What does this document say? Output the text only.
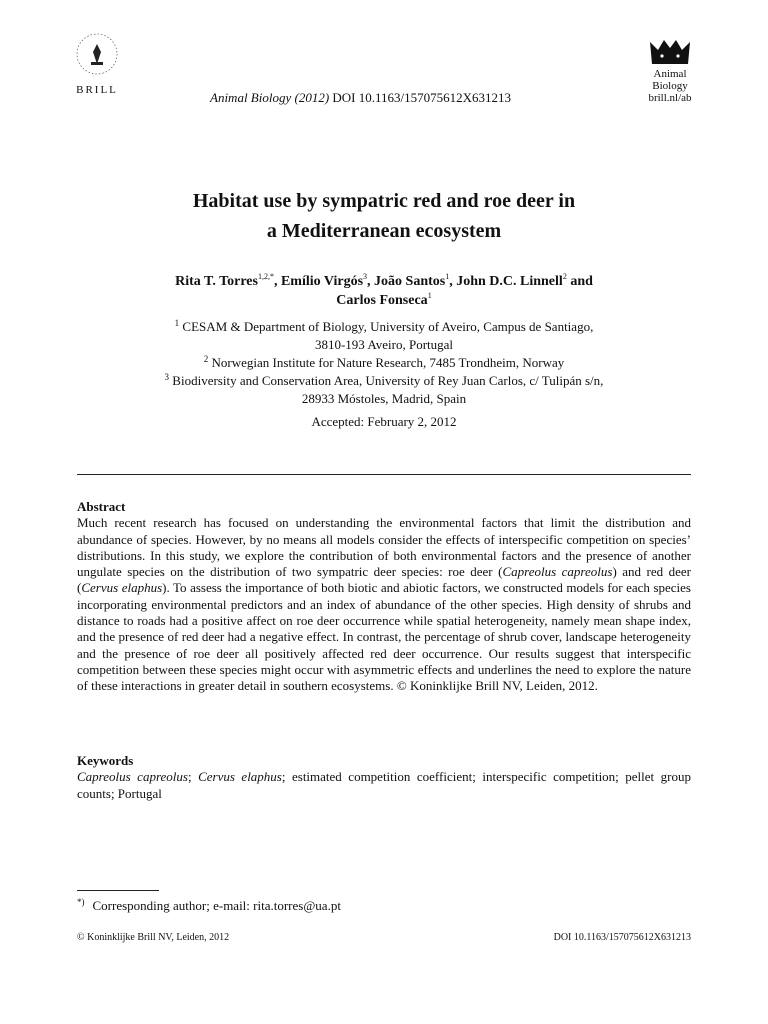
BRILL	Animal Biology (2012) DOI 10.1163/157075612X631213
Animal
Biology
brill.nl/ab
Habitat use by sympatric red and roe deer in
a Mediterranean ecosystem
Rita T. Torres$^{1,2,*}$, Emílio Virgós$^3$, João Santos$^1$, John D.C. Linnell$^2$ and
Carlos Fonseca$^1$
$^1$ CESAM & Department of Biology, University of Aveiro, Campus de Santiago,
3810-193 Aveiro, Portugal
$^2$ Norwegian Institute for Nature Research, 7485 Trondheim, Norway
$^3$ Biodiversity and Conservation Area, University of Rey Juan Carlos, c/ Tulipán s/n,
28933 Móstoles, Madrid, Spain
Accepted: February 2, 2012
Abstract
Much recent research has focused on understanding the environmental factors that limit the distribution and abundance of species. However, by no means all models consider the effects of interspecific competition on species’ distributions. In this study, we explore the contribution of both environmental factors and the presence of another ungulate species on the distribution of two sympatric deer species: roe deer (Capreolus capreolus) and red deer (Cervus elaphus). To assess the importance of both biotic and abiotic factors, we constructed models for each species incorporating environmental predictors and an index of abundance of the other species. High density of shrubs and distance to roads had a positive affect on roe deer occurrence while spatial heterogeneity, namely mean shape index, and the presence of red deer had a negative effect. In contrast, the percentage of shrub cover, landscape heterogeneity and the presence of roe deer all positively affected red deer occurrence. Our results suggest that interspecific competition between these species might occur with asymmetric effects and underlines the need to explore the nature of these interactions in greater detail in southern ecosystems. © Koninklijke Brill NV, Leiden, 2012.
Keywords
Capreolus capreolus; Cervus elaphus; estimated competition coefficient; interspecific competition; pellet group counts; Portugal
*) Corresponding author; e-mail: rita.torres@ua.pt
© Koninklijke Brill NV, Leiden, 2012	DOI 10.1163/157075612X631213
